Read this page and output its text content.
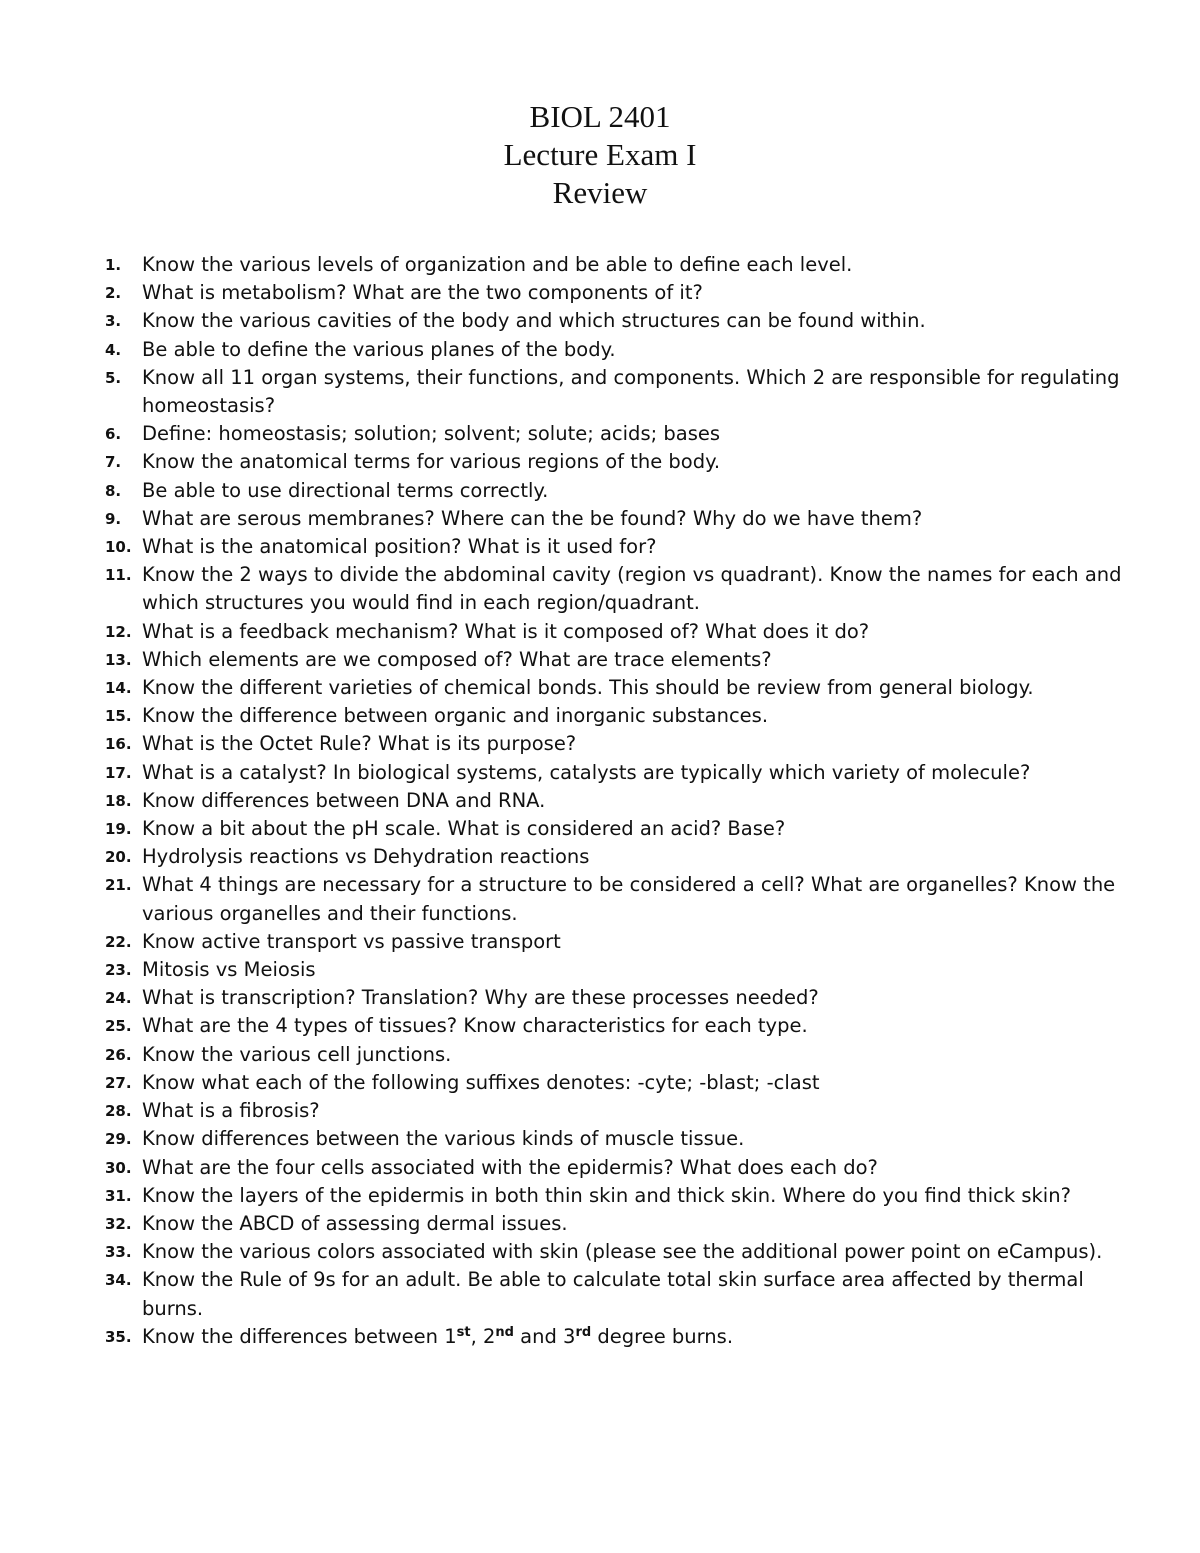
BIOL 2401
Lecture Exam I
Review
1. Know the various levels of organization and be able to define each level.
2. What is metabolism? What are the two components of it?
3. Know the various cavities of the body and which structures can be found within.
4. Be able to define the various planes of the body.
5. Know all 11 organ systems, their functions, and components. Which 2 are responsible for regulating homeostasis?
6. Define: homeostasis; solution; solvent; solute; acids; bases
7. Know the anatomical terms for various regions of the body.
8. Be able to use directional terms correctly.
9. What are serous membranes? Where can the be found? Why do we have them?
10. What is the anatomical position? What is it used for?
11. Know the 2 ways to divide the abdominal cavity (region vs quadrant). Know the names for each and which structures you would find in each region/quadrant.
12. What is a feedback mechanism? What is it composed of? What does it do?
13. Which elements are we composed of? What are trace elements?
14. Know the different varieties of chemical bonds. This should be review from general biology.
15. Know the difference between organic and inorganic substances.
16. What is the Octet Rule? What is its purpose?
17. What is a catalyst? In biological systems, catalysts are typically which variety of molecule?
18. Know differences between DNA and RNA.
19. Know a bit about the pH scale. What is considered an acid? Base?
20. Hydrolysis reactions vs Dehydration reactions
21. What 4 things are necessary for a structure to be considered a cell? What are organelles? Know the various organelles and their functions.
22. Know active transport vs passive transport
23. Mitosis vs Meiosis
24. What is transcription? Translation? Why are these processes needed?
25. What are the 4 types of tissues? Know characteristics for each type.
26. Know the various cell junctions.
27. Know what each of the following suffixes denotes: -cyte; -blast; -clast
28. What is a fibrosis?
29. Know differences between the various kinds of muscle tissue.
30. What are the four cells associated with the epidermis? What does each do?
31. Know the layers of the epidermis in both thin skin and thick skin. Where do you find thick skin?
32. Know the ABCD of assessing dermal issues.
33. Know the various colors associated with skin (please see the additional power point on eCampus).
34. Know the Rule of 9s for an adult. Be able to calculate total skin surface area affected by thermal burns.
35. Know the differences between 1st, 2nd and 3rd degree burns.
